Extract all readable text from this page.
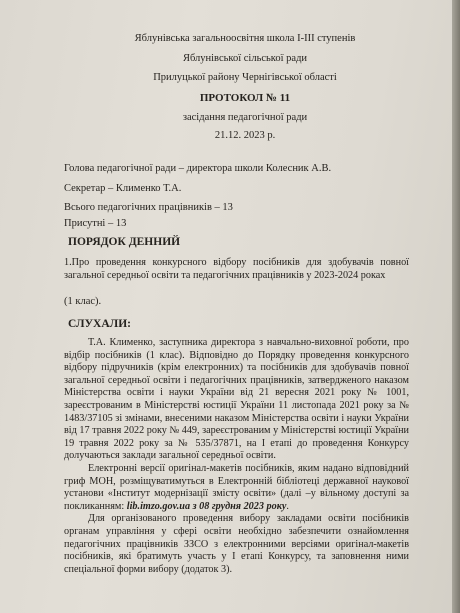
Яблунівська загальноосвітня школа І-ІІІ ступенів
Яблунівської сільської ради
Прилуцької району Чернігівської області
ПРОТОКОЛ № 11
засідання педагогічної ради
21.12. 2023 р.
Голова педагогічної ради – директора школи Колесник А.В.
Секретар – Клименко Т.А.
Всього педагогічних працівників – 13
Присутні – 13
ПОРЯДОК ДЕННИЙ

1.Про проведення конкурсного відбору посібників для здобувачів повної загальної середньої освіти та педагогічних працівників у 2023-2024 роках

(1 клас).
СЛУХАЛИ:

Т.А. Клименко, заступника директора з навчально-виховної роботи, про відбір посібників (1 клас). Відповідно до Порядку проведення конкурсного відбору підручників (крім електронних) та посібників для здобувачів повної загальної середньої освіти і педагогічних працівників, затвердженого наказом Міністерства освіти і науки України від 21 вересня 2021 року № 1001, зареєстрованим в Міністерстві юстиції України 11 листопада 2021 року за № 1483/37105 зі змінами, внесеними наказом Міністерства освіти і науки України від 17 травня 2022 року № 449, зареєстрованим у Міністерстві юстиції України 19 травня 2022 року за № 535/37871, на І етапі до проведення Конкурсу долучаються заклади загальної середньої освіти.

Електронні версії оригінал-макетів посібників, яким надано відповідний гриф МОН, розміщуватимуться в Електронній бібліотеці державної наукової установи «Інститут модернізації змісту освіти» (далі –у вільному доступі за покликанням: lib.imzo.gov.ua з 08 грудня 2023 року.

Для організованого проведення вибору закладами освіти посібників органам управління у сфері освіти необхідно забезпечити ознайомлення педагогічних працівників ЗЗСО з електронними версіями оригінал-макетів посібників, які братимуть участь у І етапі Конкурсу, та заповнення ними спеціальної форми вибору (додаток 3).
